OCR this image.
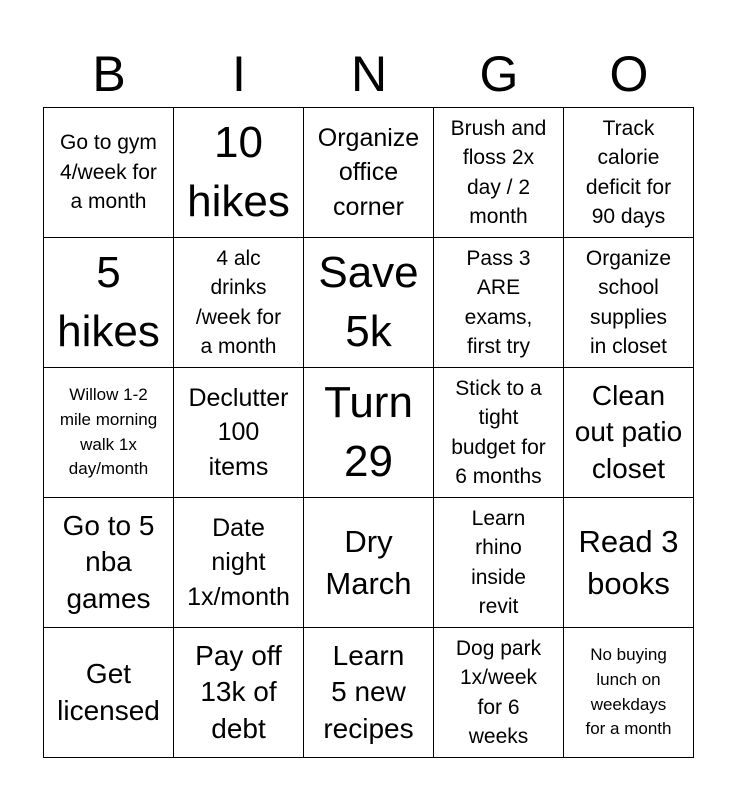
B	I	N	G	O
Go to gym
4/week for
a month
10
hikes
Organize
office
corner
Brush and
floss 2x
day / 2
month
Track
calorie
deficit for
90 days
5
hikes
4 alc
drinks
/week for
a month
Save
5k
Pass 3
ARE
exams,
first try
Organize
school
supplies
in closet
Willow 1-2
mile morning
walk 1x
day/month
Declutter
100
items
Turn
29
Stick to a
tight
budget for
6 months
Clean
out patio
closet
Go to 5
nba
games
Date
night
1x/month
Dry
March
Learn
rhino
inside
revit
Read 3
books
Get
licensed
Pay off
13k of
debt
Learn
5 new
recipes
Dog park
1x/week
for 6
weeks
No buying
lunch on
weekdays
for a month
